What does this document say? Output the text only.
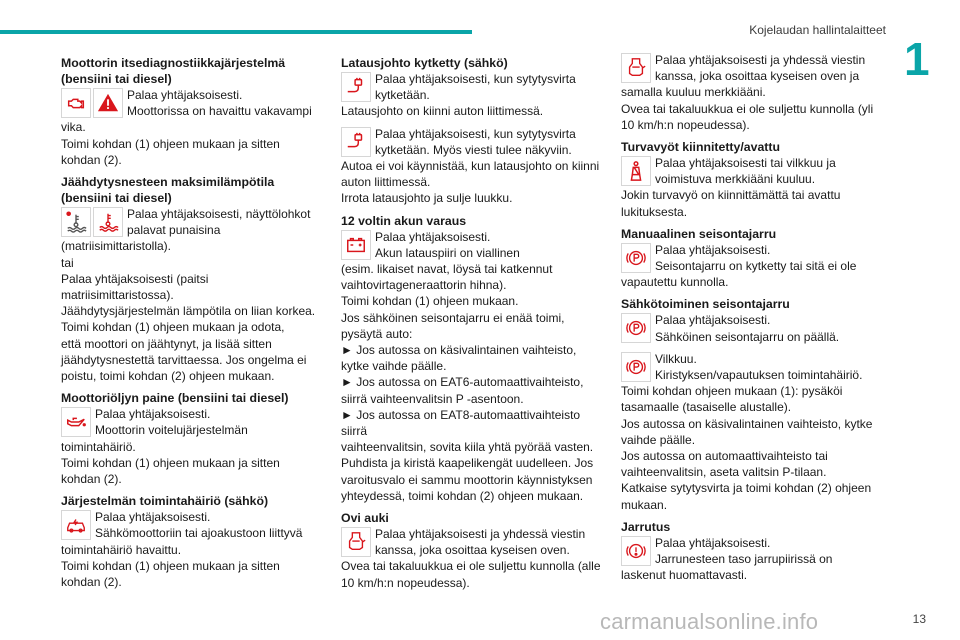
Kojelaudan hallintalaitteet
1
Moottorin itsediagnostiikkajärjestelmä (bensiini tai diesel)

Palaa yhtäjaksoisesti.

Moottorissa on havaittu vakavampi

vika.

Toimi kohdan (1) ohjeen mukaan ja sitten

kohdan (2).

Jäähdytysnesteen maksimilämpötila (bensiini tai diesel)

Palaa yhtäjaksoisesti, näyttölohkot

palavat punaisina

(matriisimittaristolla).

tai

Palaa yhtäjaksoisesti (paitsi

matriisimittaristossa).

Jäähdytysjärjestelmän lämpötila on liian korkea.

Toimi kohdan (1) ohjeen mukaan ja odota,

että moottori on jäähtynyt, ja lisää sitten

jäähdytysnestettä tarvittaessa. Jos ongelma ei

poistu, toimi kohdan (2) ohjeen mukaan.

Moottoriöljyn paine (bensiini tai diesel)

Palaa yhtäjaksoisesti.

Moottorin voitelujärjestelmän

toimintahäiriö.

Toimi kohdan (1) ohjeen mukaan ja sitten

kohdan (2).

Järjestelmän toimintahäiriö (sähkö)

Palaa yhtäjaksoisesti.

Sähkömoottoriin tai ajoakustoon liittyvä

toimintahäiriö havaittu.

Toimi kohdan (1) ohjeen mukaan ja sitten

kohdan (2).

Latausjohto kytketty (sähkö)

Palaa yhtäjaksoisesti, kun sytytysvirta

kytketään.

Latausjohto on kiinni auton liittimessä.

Palaa yhtäjaksoisesti, kun sytytysvirta

kytketään. Myös viesti tulee näkyviin.

Autoa ei voi käynnistää, kun latausjohto on kiinni

auton liittimessä.

Irrota latausjohto ja sulje luukku.

12 voltin akun varaus

Palaa yhtäjaksoisesti.

Akun latauspiiri on viallinen

(esim. likaiset navat, löysä tai katkennut

vaihtovirtageneraattorin hihna).

Toimi kohdan (1) ohjeen mukaan.

Jos sähköinen seisontajarru ei enää toimi,

pysäytä auto:

► Jos autossa on käsivalintainen vaihteisto,

kytke vaihde päälle.

► Jos autossa on EAT6-automaattivaihteisto,

siirrä vaihteenvalitsin P -asentoon.

► Jos autossa on EAT8-automaattivaihteisto siirrä

vaihteenvalitsin, sovita kiila yhtä pyörää vasten.

Puhdista ja kiristä kaapelikengät uudelleen. Jos

varoitusvalo ei sammu moottorin käynnistyksen

yhteydessä, toimi kohdan (2) ohjeen mukaan.

Ovi auki

Palaa yhtäjaksoisesti ja yhdessä viestin

kanssa, joka osoittaa kyseisen oven.

Ovea tai takaluukkua ei ole suljettu kunnolla (alle

10 km/h:n nopeudessa).

Palaa yhtäjaksoisesti ja yhdessä viestin

kanssa, joka osoittaa kyseisen oven ja

samalla kuuluu merkkiääni.

Ovea tai takaluukkua ei ole suljettu kunnolla (yli

10 km/h:n nopeudessa).

Turvavyöt kiinnitetty/avattu

Palaa yhtäjaksoisesti tai vilkkuu ja

voimistuva merkkiääni kuuluu.

Jokin turvavyö on kiinnittämättä tai avattu

lukituksesta.

Manuaalinen seisontajarru

Palaa yhtäjaksoisesti.

Seisontajarru on kytketty tai sitä ei ole

vapautettu kunnolla.

Sähkötoiminen seisontajarru

Palaa yhtäjaksoisesti.

Sähköinen seisontajarru on päällä.

Vilkkuu.

Kiristyksen/vapautuksen toimintahäiriö.

Toimi kohdan ohjeen mukaan (1): pysäköi

tasamaalle (tasaiselle alustalle).

Jos autossa on käsivalintainen vaihteisto, kytke

vaihde päälle.

Jos autossa on automaattivaihteisto tai

vaihteenvalitsin, aseta valitsin P-tilaan.

Katkaise sytytysvirta ja toimi kohdan (2) ohjeen

mukaan.

Jarrutus

Palaa yhtäjaksoisesti.

Jarrunesteen taso jarrupiirissä on

laskenut huomattavasti.

carmanualsonline.info	13
